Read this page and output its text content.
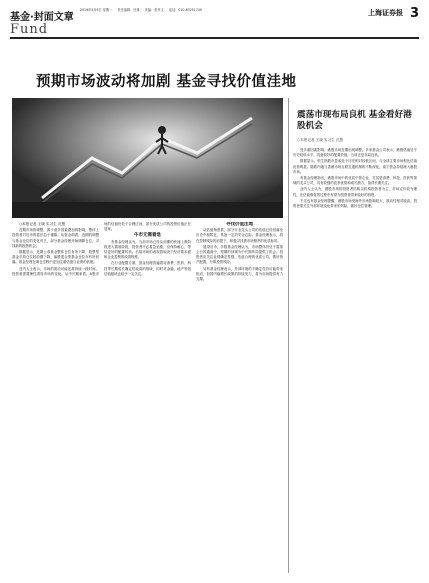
基金·封面文章
Fund
2019年5月6日 星期一 责任编辑：杜姝 美编：张孝文 电话：010-83251749	上海证券报 3
预期市场波动将加剧 基金寻找价值洼地

○本报记者 王晓 实习生 沈慧

近期市场的调整，源于诸多因素叠加的影响，整体上投资者对后市的看法趋于谨慎。从资金面看，近期的调整与基金仓位的变化有关，部分基金经理开始调降仓位，寻找新的投资机会。

数据显示，近期公募基金整体仓位有所下降，股票型基金平均仓位较前期下降，偏股混合型基金仓位亦有所回落。基金经理在调仓过程中更加注重估值与业绩的匹配。

业内人士表示，市场的波动可能还将持续一段时间，投资者需要理性看待市场的变化。从中长期来看，A股市场的估值仍处于合理区间，部分优质公司的投资价值正在显现。

牛市无需着急

有基金经理认为，当前市场已经从前期的快速上涨阶段进入震荡阶段，投资者不必着急追涨，应保持耐心，等待更好的配置时机。后续市场的表现将取决于经济基本面和企业盈利的改善程度。

在行业配置方面，基金经理普遍看好消费、医药、科技等长期成长确定性较高的领域，同时对金融、地产等低估值板块也给予一定关注。

寻找价值洼地

从估值角度看，部分行业龙头公司的估值已经回落至历史中枢附近，具备一定的安全边际。基金经理表示，将在控制风险的前提下，积极寻找被市场错杀的优质标的。

展望后市，多数基金经理认为，市场整体仍处于震荡上行的通道中，短期的回调为中长期布局提供了机会。投资者应关注业绩确定性强、估值合理的优质公司，做好资产配置，分散投资风险。

另有基金经理表示，外部环境的不确定性仍可能带来扰动，但国内稳增长政策的持续发力，将为市场提供有力支撑。

震荡市现布局良机 基金看好港股机会
○本报记者 王晓 实习生 沈慧

受多重因素影响，港股市场近期出现调整。多家基金公司表示，港股估值处于历史较低水平，具备较好的配置价值，当前正是布局良机。

数据显示，恒生指数市盈率处于历史相对较低区间，与全球主要市场相比估值优势明显。随着内地与香港市场互联互通机制的不断深化，南下资金持续流入港股市场。

有基金经理指出，港股市场中的优质中资企业，尤其是消费、科技、医药等领域的龙头公司，具有较强的竞争优势和成长潜力，值得长期关注。

业内人士认为，港股市场的投资者结构以机构投资者为主，市场定价较为理性，在估值修复的过程中有望为投资者带来较好的回报。

不过也有基金经理提醒，港股市场受海外市场影响较大，波动性相对较高，投资者需关注外部环境变化带来的风险，做好仓位管理。
